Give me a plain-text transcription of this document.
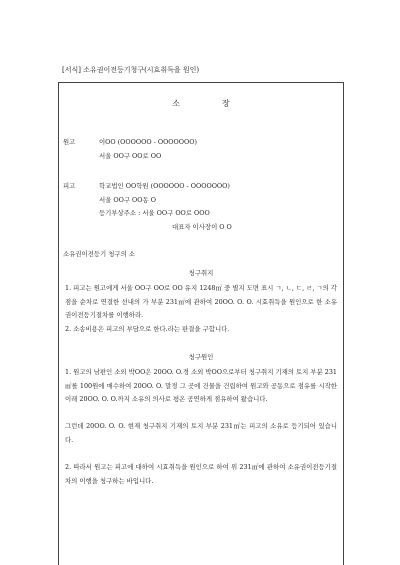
[서식] 소유권이전등기청구(시효취득을 원인)
소	장
원고	이OO (OOOOOO - OOOOOOO)
서울 OO구 OO로 OO
피고	학교법인 OO학원 (OOOOOO - OOOOOOO)
서울 OO구 OO동 O
등기부상주소 : 서울 OO구 OO로 OOO
대표자 이사장이 O O
소유권이전등기 청구의 소
청구취지
1. 피고는 원고에게 서울 OO구 OO로 OO 유지 1248㎡ 중 별지 도면 표시 ㄱ, ㄴ, ㄷ, ㄹ, ㄱ의 각 점을 순차로 연결한 선내의 가 부분 231㎡에 관하여 20OO. O. O. 시효취득을 원인으로 한 소유권이전등기절차를 이행하라.
2. 소송비용은 피고의 부담으로 한다.라는 판결을 구합니다.
청구원인
1. 원고의 남편인 소외 박OO은 20OO. O.경 소외 박OO으로부터 청구취지 기재의 토지 부분 231㎡를 100원에 매수하여 20OO. O. 말경 그 곳에 건물을 건립하여 원고와 공동으로 점유를 시작한 이래 20OO. O. O.까지 소유의 의사로 평온 공연하게 점유하여 왔습니다.
그런데 20OO. O. O. 현재 청구취지 기재의 토지 부분 231㎡는 피고의 소유로 등기되어 있습니다.
2. 따라서 원고는 피고에 대하여 시효취득을 원인으로 하여 위 231㎡에 관하여 소유권이전등기절차의 이행을 청구하는 바입니다.
